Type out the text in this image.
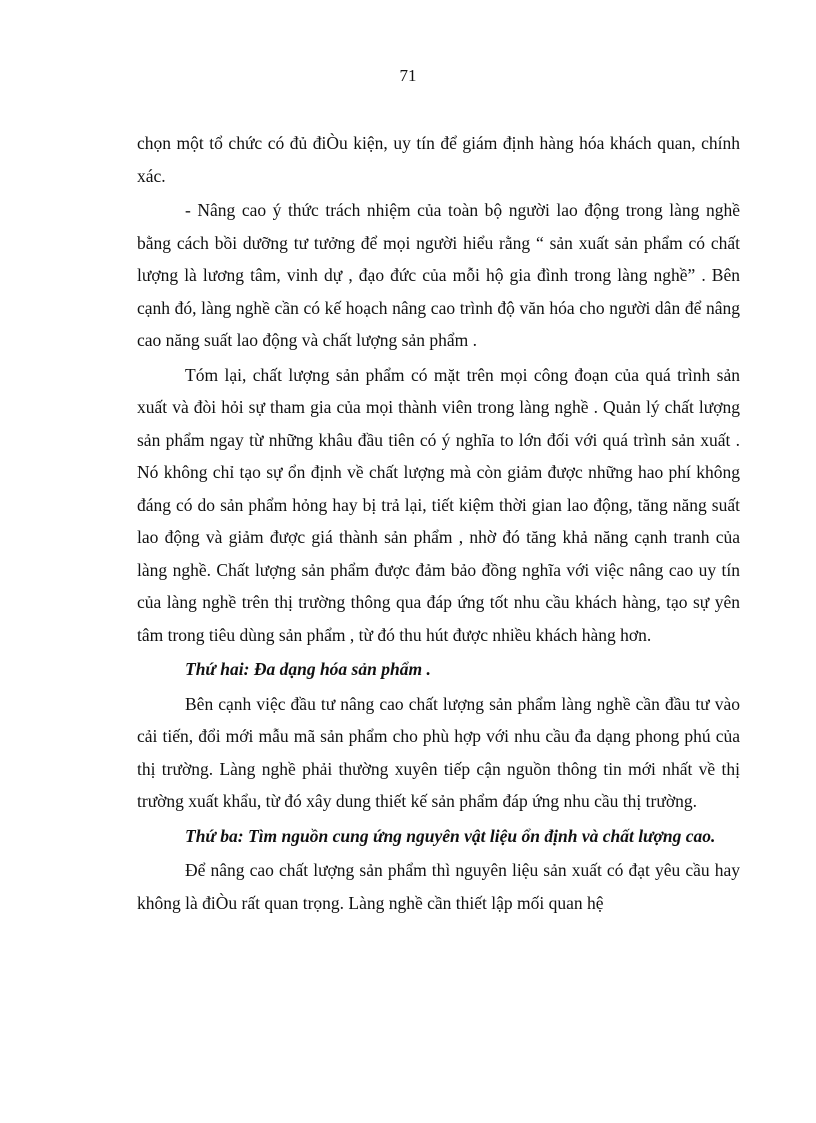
71

chọn một tổ chức có đủ điÒu kiện, uy tín để giám định hàng hóa khách quan, chính xác.

- Nâng cao ý thức trách nhiệm của toàn bộ người lao động trong làng nghề bằng cách bồi dưỡng tư tưởng để mọi người hiểu rằng “ sản xuất sản phẩm có chất lượng là lương tâm, vinh dự , đạo đức của mỗi hộ gia đình trong làng nghề” . Bên cạnh đó, làng nghề cần có kế hoạch nâng cao trình độ văn hóa cho người dân để nâng cao năng suất lao động và chất lượng sản phẩm .

Tóm lại, chất lượng sản phẩm có mặt trên mọi công đoạn của quá trình sản xuất và đòi hỏi sự tham gia của mọi thành viên trong làng nghề . Quản lý chất lượng sản phẩm ngay từ những khâu đầu tiên có ý nghĩa to lớn đối với quá trình sản xuất . Nó không chỉ tạo sự ổn định về chất lượng mà còn giảm được những hao phí không đáng có do sản phẩm hỏng hay bị trả lại, tiết kiệm thời gian lao động, tăng năng suất lao động và giảm được giá thành sản phẩm , nhờ đó tăng khả năng cạnh tranh của làng nghề. Chất lượng sản phẩm được đảm bảo đồng nghĩa với việc nâng cao uy tín của làng nghề trên thị trường thông qua đáp ứng tốt nhu cầu khách hàng, tạo sự yên tâm trong tiêu dùng sản phẩm , từ đó thu hút được nhiều khách hàng hơn.

Thứ hai: Đa dạng hóa sản phẩm .

Bên cạnh việc đầu tư nâng cao chất lượng sản phẩm làng nghề cần đầu tư vào cải tiến, đổi mới mẫu mã sản phẩm cho phù hợp với nhu cầu đa dạng phong phú của thị trường. Làng nghề phải thường xuyên tiếp cận nguồn thông tin mới nhất về thị trường xuất khẩu, từ đó xây dung thiết kế sản phẩm đáp ứng nhu cầu thị trường.

Thứ ba: Tìm nguồn cung ứng nguyên vật liệu ổn định và chất lượng cao.

Để nâng cao chất lượng sản phẩm thì nguyên liệu sản xuất có đạt yêu cầu hay không là điÒu rất quan trọng. Làng nghề cần thiết lập mối quan hệ
